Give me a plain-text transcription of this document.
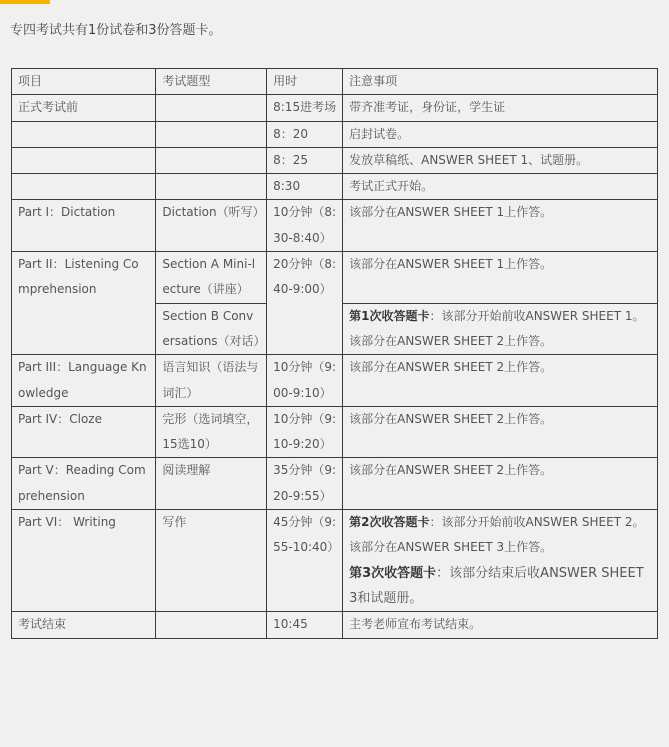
专四考试共有1份试卷和3份答题卡。
项目	考试题型	用时	注意事项
正式考试前		8:15进考场	带齐准考证，身份证，学生证
		8：20	启封试卷。
		8：25	发放草稿纸、ANSWER SHEET 1、试题册。
		8:30	考试正式开始。
Part I：Dictation	Dictation（听写）	10分钟（8:30-8:40）	该部分在ANSWER SHEET 1上作答。
Part II：Listening Comprehension	Section A Mini-lecture（讲座）	20分钟（8:40-9:00）	该部分在ANSWER SHEET 1上作答。
	Section B Conversations（对话）		第1次收答题卡：该部分开始前收ANSWER SHEET 1。
该部分在ANSWER SHEET 2上作答。

Part III：Language Knowledge	语言知识（语法与词汇）	10分钟（9:00-9:10）	该部分在ANSWER SHEET 2上作答。
Part IV：Cloze	完形（选词填空，15选10）	10分钟（9:10-9:20）	该部分在ANSWER SHEET 2上作答。
Part V：Reading Comprehension	阅读理解	35分钟（9:20-9:55）	该部分在ANSWER SHEET 2上作答。
Part VI： Writing	写作	45分钟（9:55-10:40）	第2次收答题卡：该部分开始前收ANSWER SHEET 2。
该部分在ANSWER SHEET 3上作答。
第3次收答题卡：该部分结束后收ANSWER SHEET 3和试题册。

考试结束		10:45	主考老师宣布考试结束。
